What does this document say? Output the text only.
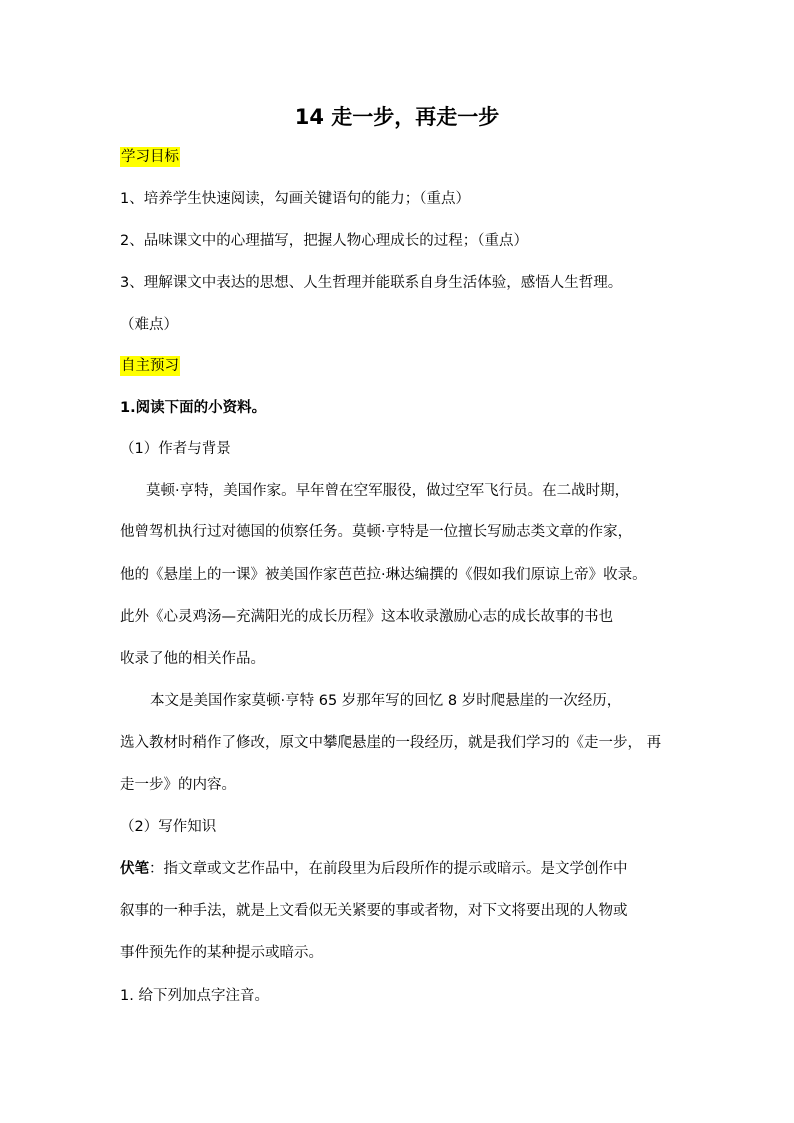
14 走一步，再走一步
学习目标
1、培养学生快速阅读，勾画关键语句的能力；（重点）
2、品味课文中的心理描写，把握人物心理成长的过程；（重点）
3、理解课文中表达的思想、人生哲理并能联系自身生活体验，感悟人生哲理。
（难点）
自主预习
1.阅读下面的小资料。
（1）作者与背景
莫顿·亨特，美国作家。早年曾在空军服役，做过空军飞行员。在二战时期，
他曾驾机执行过对德国的侦察任务。莫顿·亨特是一位擅长写励志类文章的作家，
他的《悬崖上的一课》被美国作家芭芭拉·琳达编撰的《假如我们原谅上帝》收录。
此外《心灵鸡汤—充满阳光的成长历程》这本收录激励心志的成长故事的书也
收录了他的相关作品。
本文是美国作家莫顿·亨特 65 岁那年写的回忆 8 岁时爬悬崖的一次经历，
选入教材时稍作了修改，原文中攀爬悬崖的一段经历，就是我们学习的《走一步， 再
走一步》的内容。
（2）写作知识
伏笔：指文章或文艺作品中，在前段里为后段所作的提示或暗示。是文学创作中
叙事的一种手法，就是上文看似无关紧要的事或者物，对下文将要出现的人物或
事件预先作的某种提示或暗示。
1. 给下列加点字注音。
